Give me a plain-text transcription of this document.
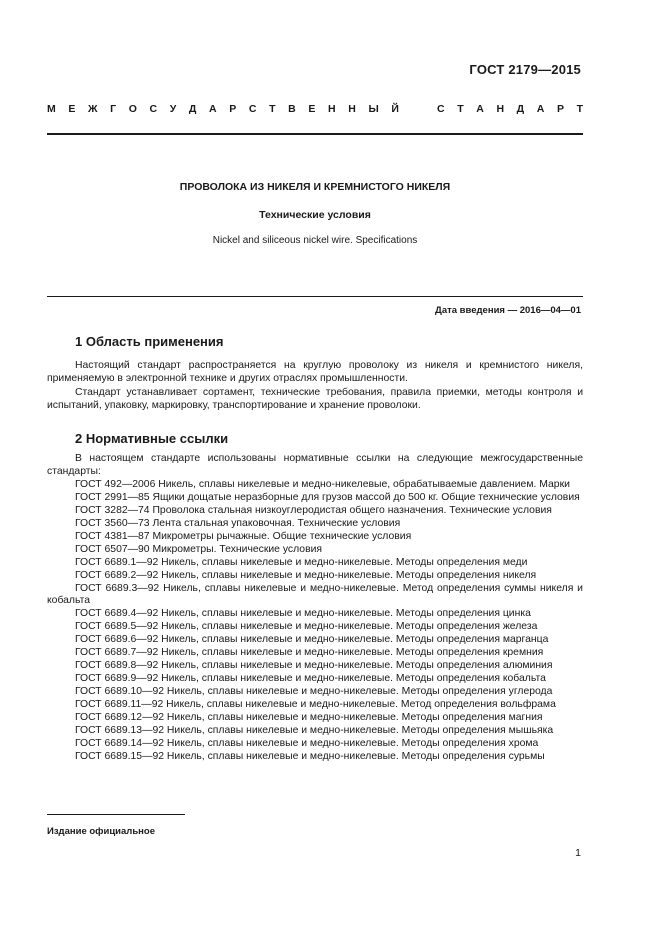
ГОСТ 2179—2015
М Е Ж Г О С У Д А Р С Т В Е Н Н Ы Й	С Т А Н Д А Р Т
ПРОВОЛОКА ИЗ НИКЕЛЯ И КРЕМНИСТОГО НИКЕЛЯ
Технические условия
Nickel and siliceous nickel wire. Specifications
Дата введения — 2016—04—01
1 Область применения
Настоящий стандарт распространяется на круглую проволоку из никеля и кремнистого никеля, применяемую в электронной технике и других отраслях промышленности.
Стандарт устанавливает сортамент, технические требования, правила приемки, методы контроля и испытаний, упаковку, маркировку, транспортирование и хранение проволоки.
2 Нормативные ссылки
В настоящем стандарте использованы нормативные ссылки на следующие межгосударственные стандарты:
ГОСТ 492—2006 Никель, сплавы никелевые и медно-никелевые, обрабатываемые давлением. Марки
ГОСТ 2991—85 Ящики дощатые неразборные для грузов массой до 500 кг. Общие технические условия
ГОСТ 3282—74 Проволока стальная низкоуглеродистая общего назначения. Технические условия
ГОСТ 3560—73 Лента стальная упаковочная. Технические условия
ГОСТ 4381—87 Микрометры рычажные. Общие технические условия
ГОСТ 6507—90 Микрометры. Технические условия
ГОСТ 6689.1—92 Никель, сплавы никелевые и медно-никелевые. Методы определения меди
ГОСТ 6689.2—92 Никель, сплавы никелевые и медно-никелевые. Методы определения никеля
ГОСТ 6689.3—92 Никель, сплавы никелевые и медно-никелевые. Метод определения суммы никеля и кобальта
ГОСТ 6689.4—92 Никель, сплавы никелевые и медно-никелевые. Методы определения цинка
ГОСТ 6689.5—92 Никель, сплавы никелевые и медно-никелевые. Методы определения железа
ГОСТ 6689.6—92 Никель, сплавы никелевые и медно-никелевые. Методы определения марганца
ГОСТ 6689.7—92 Никель, сплавы никелевые и медно-никелевые. Методы определения кремния
ГОСТ 6689.8—92 Никель, сплавы никелевые и медно-никелевые. Методы определения алюминия
ГОСТ 6689.9—92 Никель, сплавы никелевые и медно-никелевые. Методы определения кобальта
ГОСТ 6689.10—92 Никель, сплавы никелевые и медно-никелевые. Методы определения углерода
ГОСТ 6689.11—92 Никель, сплавы никелевые и медно-никелевые. Метод определения вольфрама
ГОСТ 6689.12—92 Никель, сплавы никелевые и медно-никелевые. Методы определения магния
ГОСТ 6689.13—92 Никель, сплавы никелевые и медно-никелевые. Методы определения мышьяка
ГОСТ 6689.14—92 Никель, сплавы никелевые и медно-никелевые. Методы определения хрома
ГОСТ 6689.15—92 Никель, сплавы никелевые и медно-никелевые. Методы определения сурьмы
Издание официальное
1
